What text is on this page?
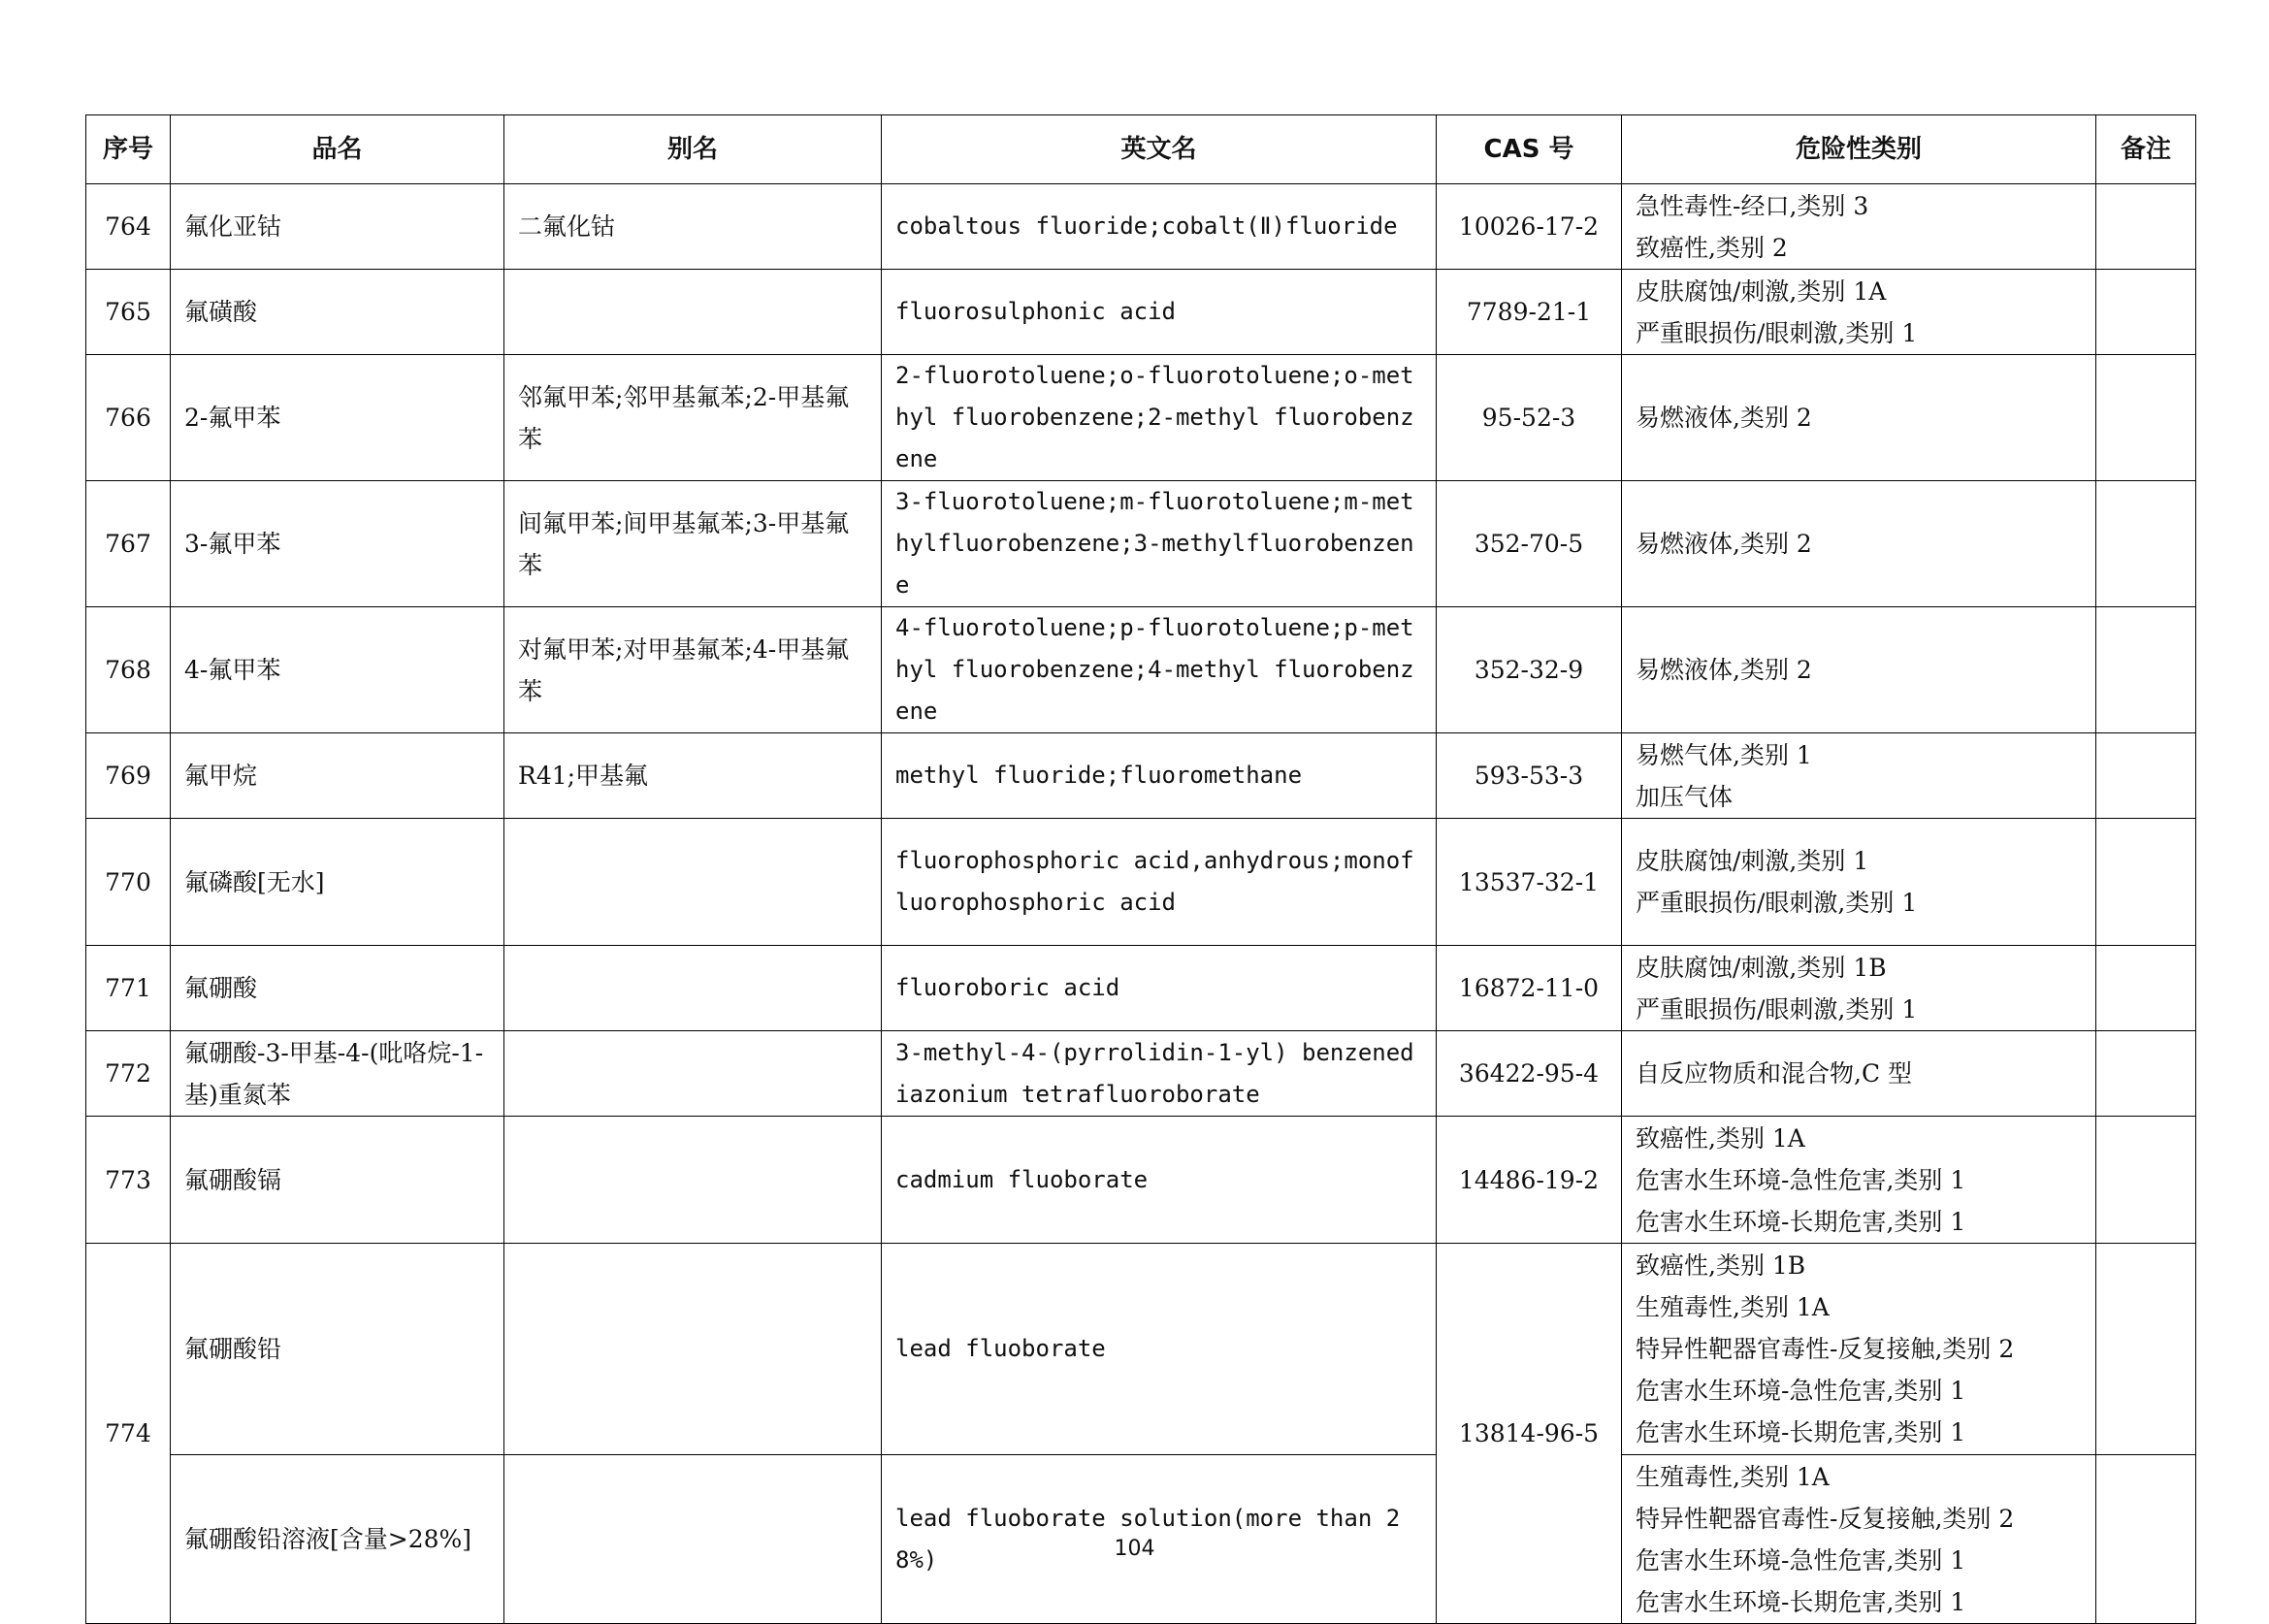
序号	品名	别名	英文名	CAS 号	危险性类别	备注
764	氟化亚钴	二氟化钴	cobaltous fluoride;cobalt(Ⅱ)fluoride	10026-17-2	急性毒性-经口,类别 3
致癌性,类别 2	

765	氟磺酸		fluorosulphonic acid	7789-21-1	皮肤腐蚀/刺激,类别 1A
严重眼损伤/眼刺激,类别 1	

766	2-氟甲苯	邻氟甲苯;邻甲基氟苯;2-甲基氟苯	2-fluorotoluene;o-fluorotoluene;o-methyl fluorobenzene;2-methyl fluorobenzene	95-52-3	易燃液体,类别 2	

767	3-氟甲苯	间氟甲苯;间甲基氟苯;3-甲基氟苯	3-fluorotoluene;m-fluorotoluene;m-methylfluorobenzene;3-methylfluorobenzene	352-70-5	易燃液体,类别 2	

768	4-氟甲苯	对氟甲苯;对甲基氟苯;4-甲基氟苯	4-fluorotoluene;p-fluorotoluene;p-methyl fluorobenzene;4-methyl fluorobenzene	352-32-9	易燃液体,类别 2	

769	氟甲烷	R41;甲基氟	methyl fluoride;fluoromethane	593-53-3	易燃气体,类别 1
加压气体	

770	氟磷酸[无水]		fluorophosphoric acid,anhydrous;monofluorophosphoric acid	13537-32-1	皮肤腐蚀/刺激,类别 1
严重眼损伤/眼刺激,类别 1	

771	氟硼酸		fluoroboric acid	16872-11-0	皮肤腐蚀/刺激,类别 1B
严重眼损伤/眼刺激,类别 1	

772	氟硼酸-3-甲基-4-(吡咯烷-1-基)重氮苯		3-methyl-4-(pyrrolidin-1-yl) benzenediazonium tetrafluoroborate	36422-95-4	自反应物质和混合物,C 型	

773	氟硼酸镉		cadmium fluoborate	14486-19-2	致癌性,类别 1A
危害水生环境-急性危害,类别 1
危害水生环境-长期危害,类别 1	

774	氟硼酸铅		lead fluoborate	13814-96-5	致癌性,类别 1B
生殖毒性,类别 1A
特异性靶器官毒性-反复接触,类别 2
危害水生环境-急性危害,类别 1
危害水生环境-长期危害,类别 1	

	氟硼酸铅溶液[含量>28%]		lead fluoborate solution(more than 28%)		生殖毒性,类别 1A
特异性靶器官毒性-反复接触,类别 2
危害水生环境-急性危害,类别 1
危害水生环境-长期危害,类别 1	

104
